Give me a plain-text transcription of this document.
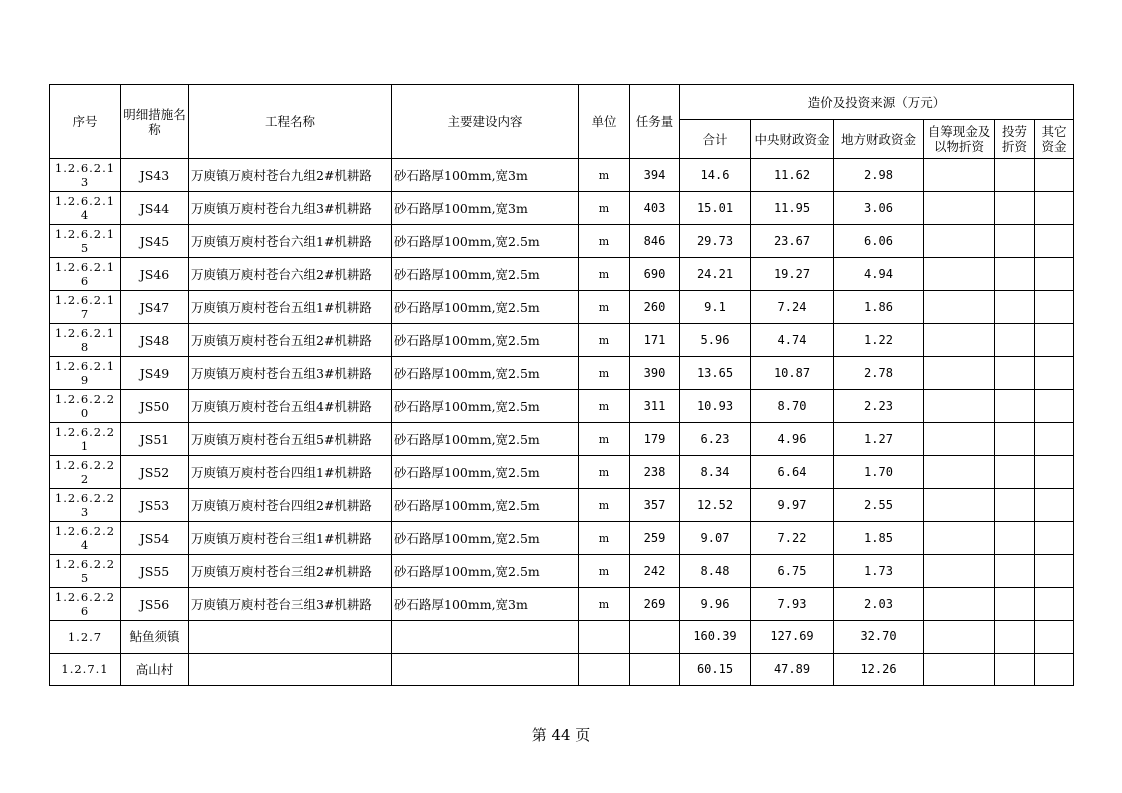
序号	明细措施名称	工程名称	主要建设内容	单位	任务量	造价及投资来源（万元）					
						合计	中央财政资金	地方财政资金	自筹现金及以物折资	投劳折资	其它资金
1.2.6.2.13	JS43	万庾镇万庾村苍台九组2#机耕路	砂石路厚100mm,宽3m	m	394	14.6	11.62	2.98			
1.2.6.2.14	JS44	万庾镇万庾村苍台九组3#机耕路	砂石路厚100mm,宽3m	m	403	15.01	11.95	3.06			
1.2.6.2.15	JS45	万庾镇万庾村苍台六组1#机耕路	砂石路厚100mm,宽2.5m	m	846	29.73	23.67	6.06			
1.2.6.2.16	JS46	万庾镇万庾村苍台六组2#机耕路	砂石路厚100mm,宽2.5m	m	690	24.21	19.27	4.94			
1.2.6.2.17	JS47	万庾镇万庾村苍台五组1#机耕路	砂石路厚100mm,宽2.5m	m	260	9.1	7.24	1.86			
1.2.6.2.18	JS48	万庾镇万庾村苍台五组2#机耕路	砂石路厚100mm,宽2.5m	m	171	5.96	4.74	1.22			
1.2.6.2.19	JS49	万庾镇万庾村苍台五组3#机耕路	砂石路厚100mm,宽2.5m	m	390	13.65	10.87	2.78			
1.2.6.2.20	JS50	万庾镇万庾村苍台五组4#机耕路	砂石路厚100mm,宽2.5m	m	311	10.93	8.70	2.23			
1.2.6.2.21	JS51	万庾镇万庾村苍台五组5#机耕路	砂石路厚100mm,宽2.5m	m	179	6.23	4.96	1.27			
1.2.6.2.22	JS52	万庾镇万庾村苍台四组1#机耕路	砂石路厚100mm,宽2.5m	m	238	8.34	6.64	1.70			
1.2.6.2.23	JS53	万庾镇万庾村苍台四组2#机耕路	砂石路厚100mm,宽2.5m	m	357	12.52	9.97	2.55			
1.2.6.2.24	JS54	万庾镇万庾村苍台三组1#机耕路	砂石路厚100mm,宽2.5m	m	259	9.07	7.22	1.85			
1.2.6.2.25	JS55	万庾镇万庾村苍台三组2#机耕路	砂石路厚100mm,宽2.5m	m	242	8.48	6.75	1.73			
1.2.6.2.26	JS56	万庾镇万庾村苍台三组3#机耕路	砂石路厚100mm,宽3m	m	269	9.96	7.93	2.03			
1.2.7	鲇鱼须镇					160.39	127.69	32.70			
1.2.7.1	高山村					60.15	47.89	12.26			
第 44 页
